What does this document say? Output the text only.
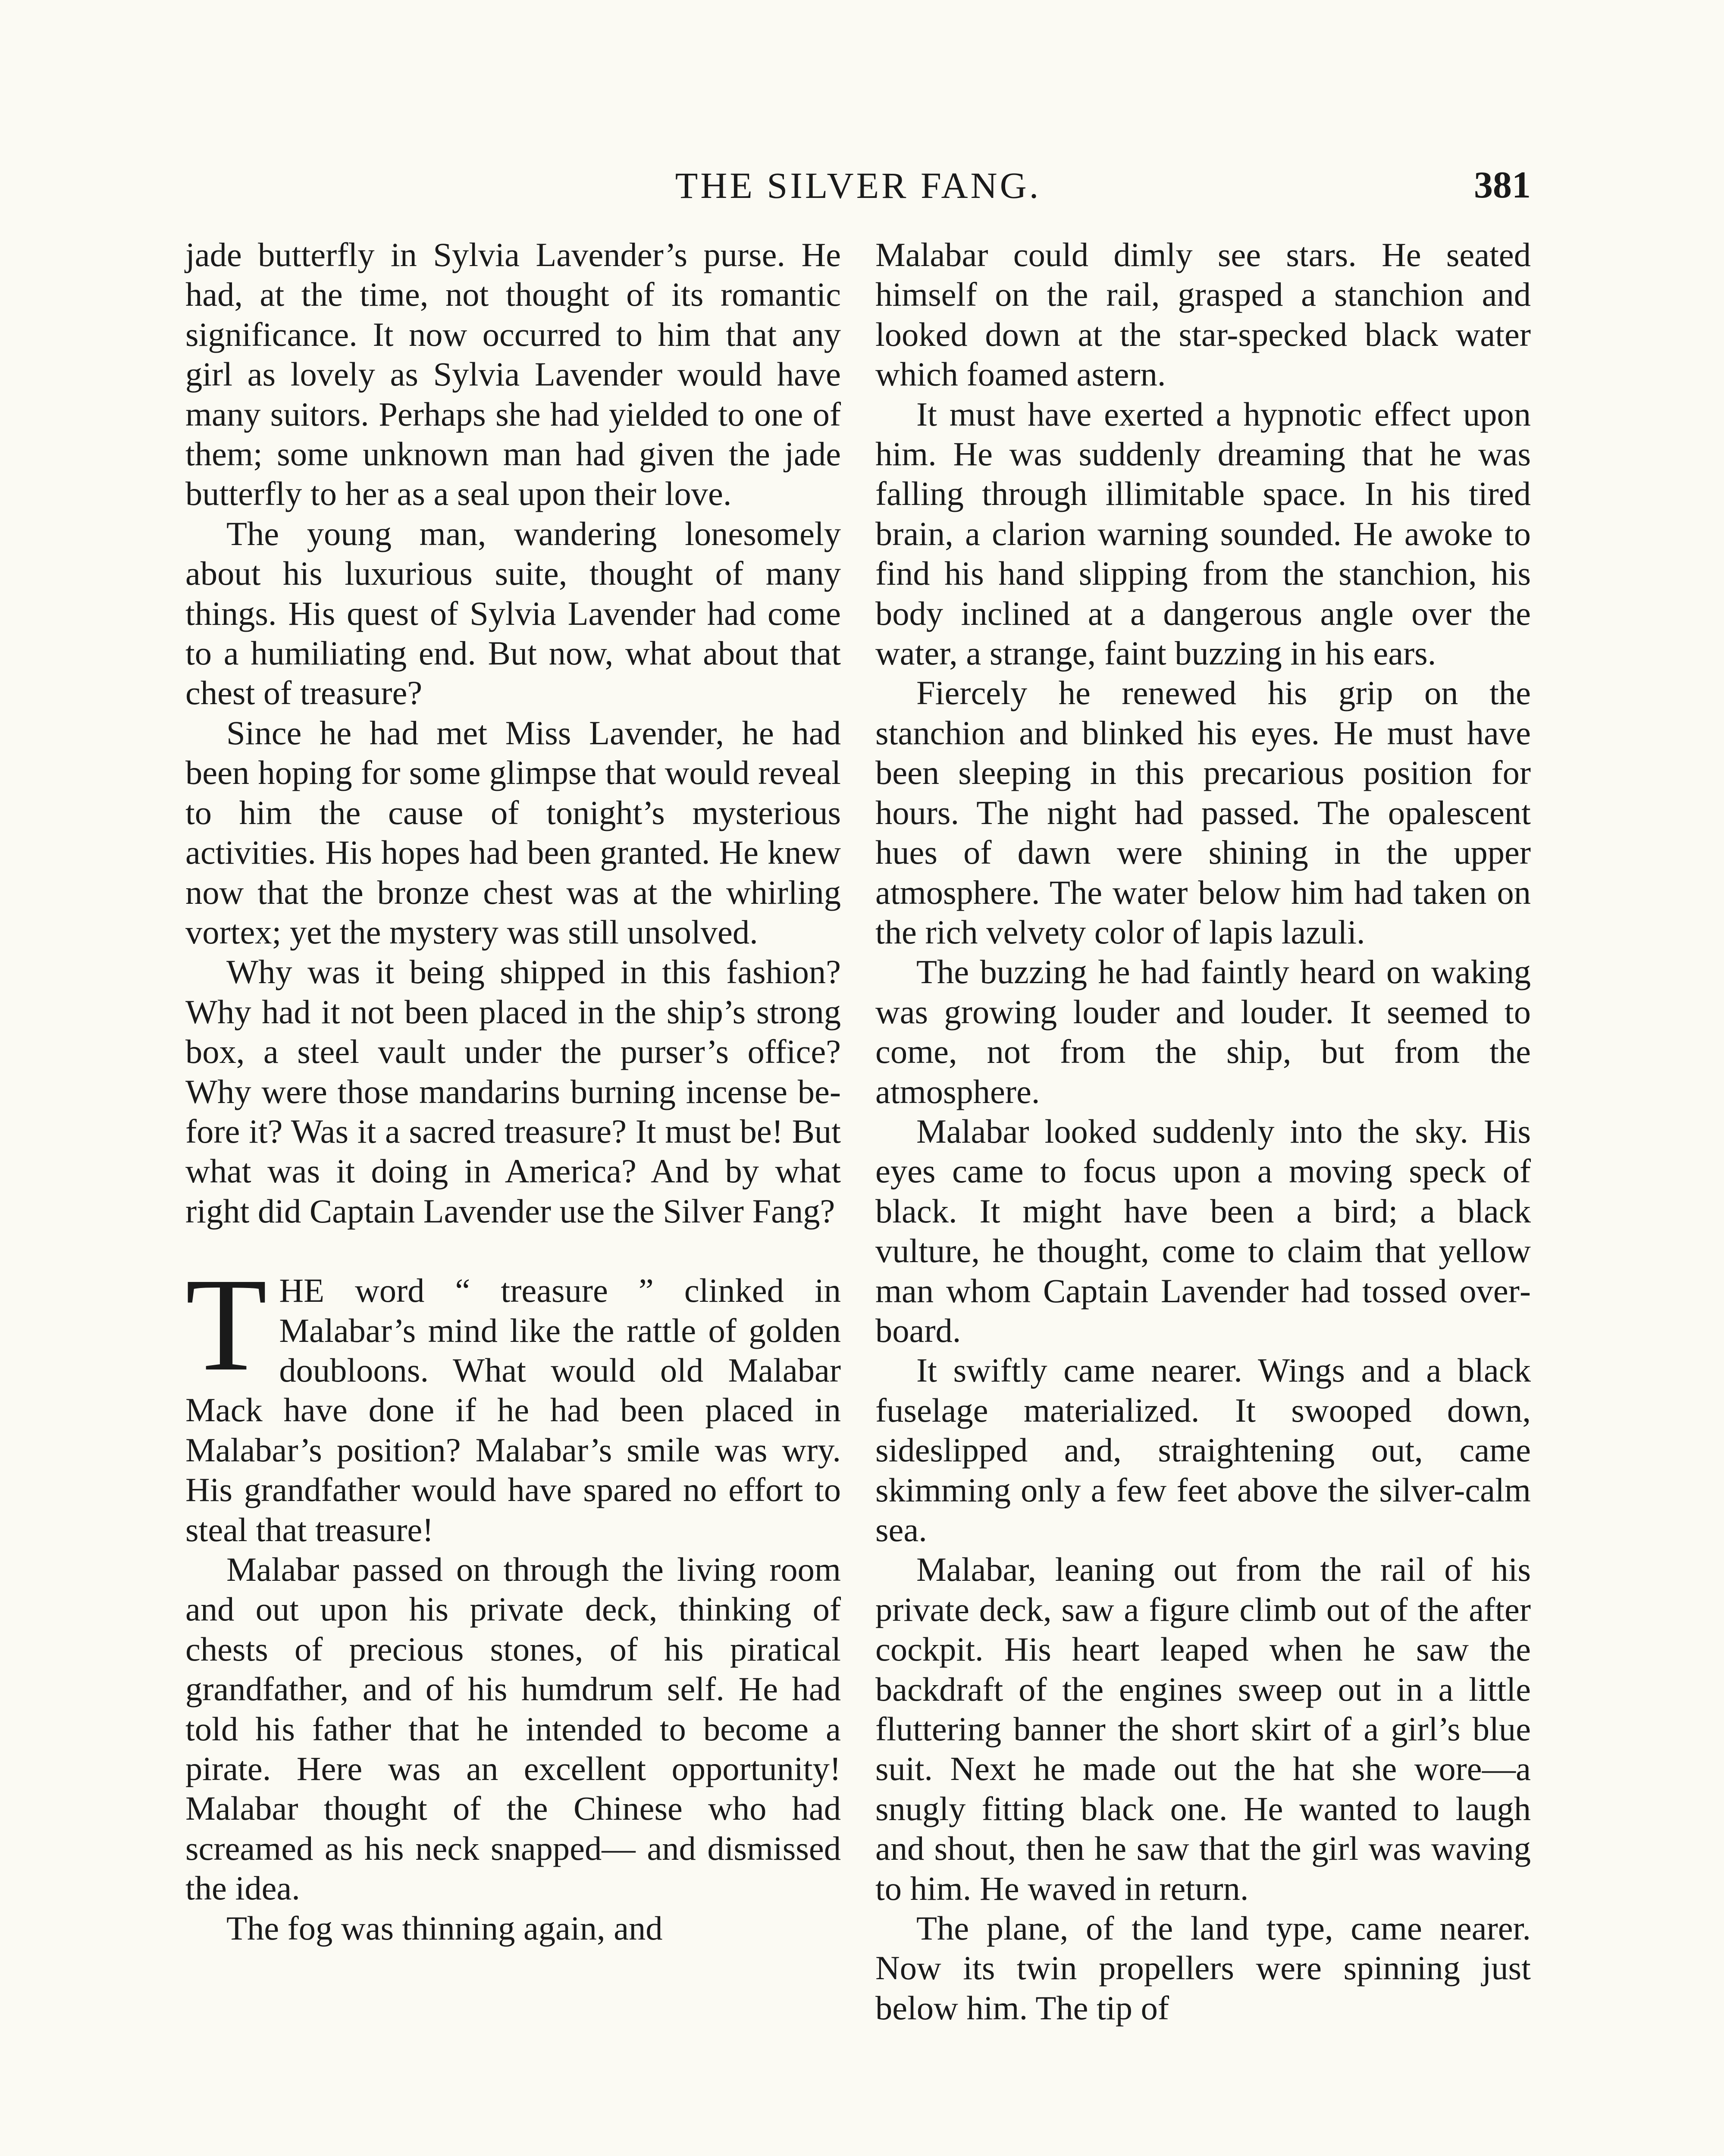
THE SILVER FANG.	381

jade butterfly in Sylvia Lavender’s purse. He had, at the time, not thought of its romantic significance. It now occurred to him that any girl as lovely as Sylvia Lavender would have many suitors. Perhaps she had yielded to one of them; some unknown man had given the jade butterfly to her as a seal upon their love.

The young man, wandering lonesomely about his luxurious suite, thought of many things. His quest of Sylvia Lavender had come to a humiliating end. But now, what about that chest of treasure?

Since he had met Miss Lavender, he had been hoping for some glimpse that would reveal to him the cause of tonight’s mysterious activities. His hopes had been granted. He knew now that the bronze chest was at the whirling vortex; yet the mystery was still unsolved.

Why was it being shipped in this fashion? Why had it not been placed in the ship’s strong box, a steel vault under the purser’s office? Why were those mandarins burning incense before it? Was it a sacred treasure? It must be! But what was it doing in America? And by what right did Captain Lavender use the Silver Fang?

THE word “ treasure ” clinked in Malabar’s mind like the rattle of golden doubloons. What would old Malabar Mack have done if he had been placed in Malabar’s position? Malabar’s smile was wry. His grandfather would have spared no effort to steal that treasure!

Malabar passed on through the living room and out upon his private deck, thinking of chests of precious stones, of his piratical grandfather, and of his humdrum self. He had told his father that he intended to become a pirate. Here was an excellent opportunity! Malabar thought of the Chinese who had screamed as his neck snapped— and dismissed the idea.

The fog was thinning again, and

Malabar could dimly see stars. He seated himself on the rail, grasped a stanchion and looked down at the star-specked black water which foamed astern.

It must have exerted a hypnotic effect upon him. He was suddenly dreaming that he was falling through illimitable space. In his tired brain, a clarion warning sounded. He awoke to find his hand slipping from the stanchion, his body inclined at a dangerous angle over the water, a strange, faint buzzing in his ears.

Fiercely he renewed his grip on the stanchion and blinked his eyes. He must have been sleeping in this precarious position for hours. The night had passed. The opalescent hues of dawn were shining in the upper atmosphere. The water below him had taken on the rich velvety color of lapis lazuli.

The buzzing he had faintly heard on waking was growing louder and louder. It seemed to come, not from the ship, but from the atmosphere.

Malabar looked suddenly into the sky. His eyes came to focus upon a moving speck of black. It might have been a bird; a black vulture, he thought, come to claim that yellow man whom Captain Lavender had tossed overboard.

It swiftly came nearer. Wings and a black fuselage materialized. It swooped down, sideslipped and, straightening out, came skimming only a few feet above the silver-calm sea.

Malabar, leaning out from the rail of his private deck, saw a figure climb out of the after cockpit. His heart leaped when he saw the backdraft of the engines sweep out in a little fluttering banner the short skirt of a girl’s blue suit. Next he made out the hat she wore—a snugly fitting black one. He wanted to laugh and shout, then he saw that the girl was waving to him. He waved in return.

The plane, of the land type, came nearer. Now its twin propellers were spinning just below him. The tip of
